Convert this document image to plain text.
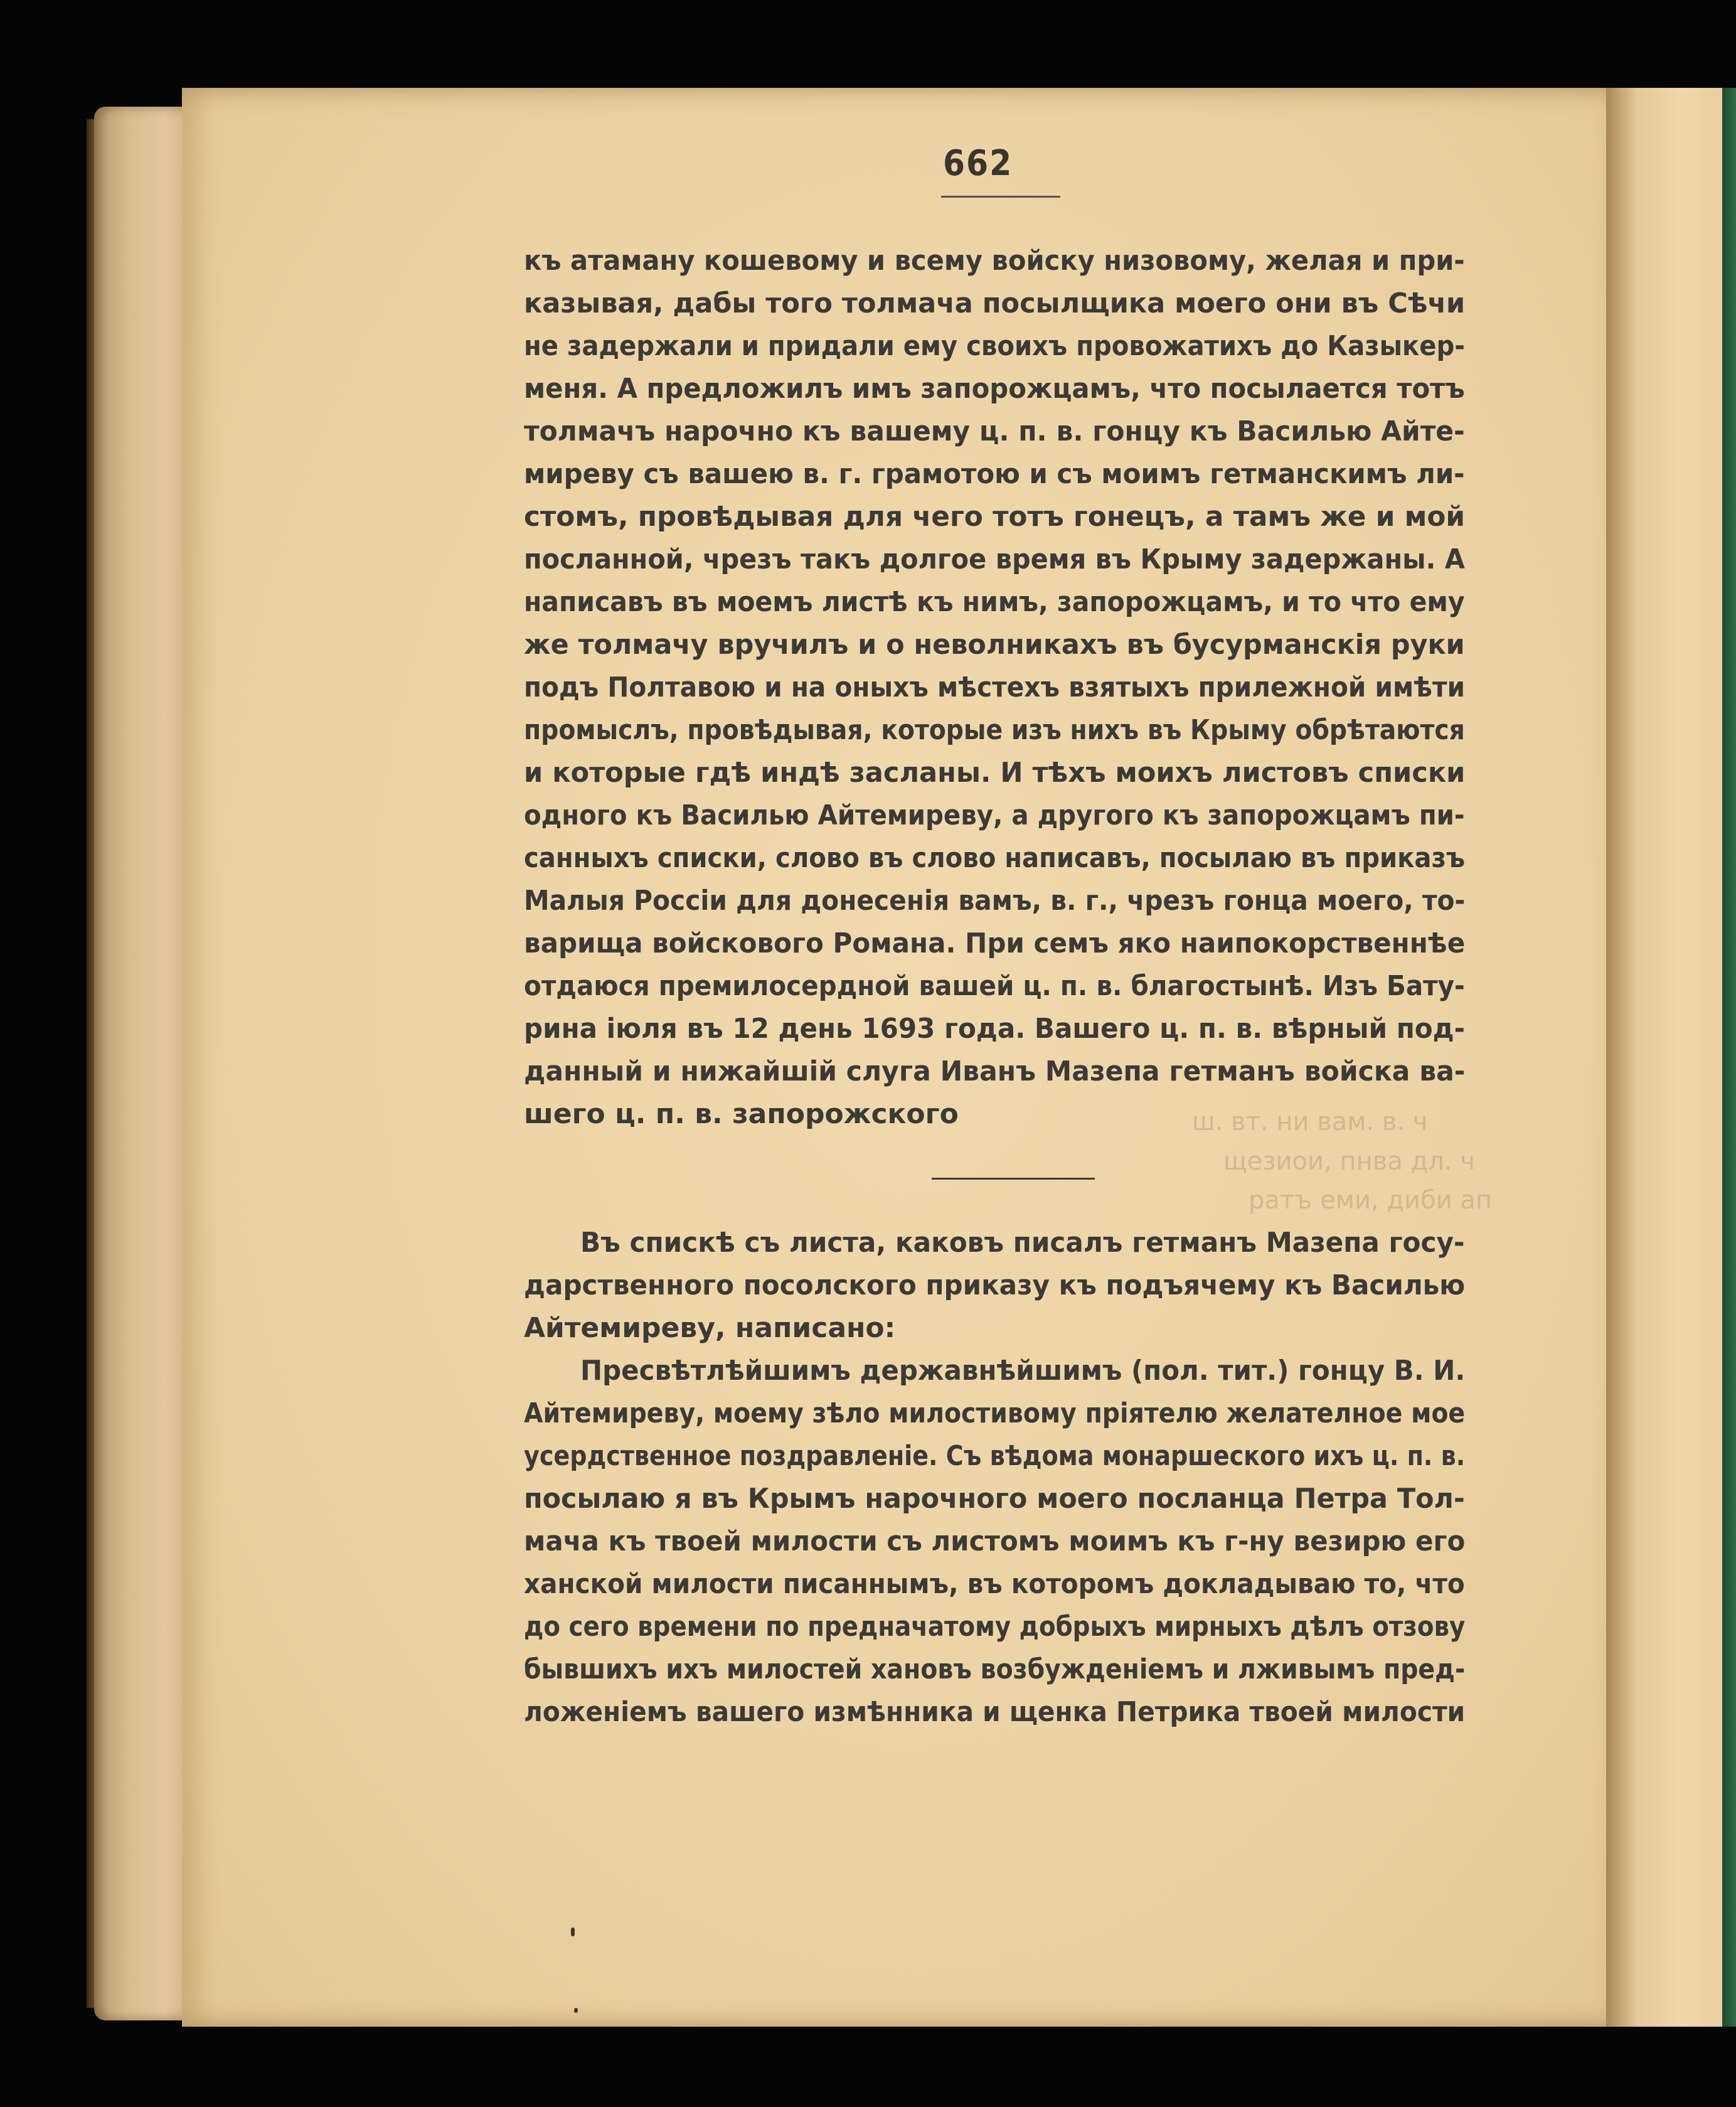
ш. вт. ни вам. в. ч
щезиои, пнва дл. ч
ратъ еми, диби ап
662
къ атаману кошевому и всему войску низовому, желая и при-
казывая, дабы того толмача посылщика моего они въ Сѣчи
не задержали и придали ему своихъ провожатихъ до Казыкер-
меня. А предложилъ имъ запорожцамъ, что посылается тотъ
толмачъ нарочно къ вашему ц. п. в. гонцу къ Василью Айте-
миреву съ вашею в. г. грамотою и съ моимъ гетманскимъ ли-
стомъ, провѣдывая для чего тотъ гонецъ, а тамъ же и мой
посланной, чрезъ такъ долгое время въ Крыму задержаны. А
написавъ въ моемъ листѣ къ нимъ, запорожцамъ, и то что ему
же толмачу вручилъ и о неволникахъ въ бусурманскія руки
подъ Полтавою и на оныхъ мѣстехъ взятыхъ прилежной имѣти
промыслъ, провѣдывая, которые изъ нихъ въ Крыму обрѣтаются
и которые гдѣ индѣ засланы. И тѣхъ моихъ листовъ списки
одного къ Василью Айтемиреву, а другого къ запорожцамъ пи-
санныхъ списки, слово въ слово написавъ, посылаю въ приказъ
Малыя Россіи для донесенія вамъ, в. г., чрезъ гонца моего, то-
варища войскового Романа. При семъ яко наипокорственнѣе
отдаюся премилосердной вашей ц. п. в. благостынѣ. Изъ Бату-
рина іюля въ 12 день 1693 года. Вашего ц. п. в. вѣрный под-
данный и нижайшій слуга Иванъ Мазепа гетманъ войска ва-
шего ц. п. в. запорожского
Въ спискѣ съ листа, каковъ писалъ гетманъ Мазепа госу-
дарственного посолского приказу къ подъячему къ Василью
Айтемиреву, написано:
Пресвѣтлѣйшимъ державнѣйшимъ (пол. тит.) гонцу В. И.
Айтемиреву, моему зѣло милостивому пріятелю желателное мое
усердственное поздравленіе. Съ вѣдома монаршеского ихъ ц. п. в.
посылаю я въ Крымъ нарочного моего посланца Петра Тол-
мача къ твоей милости съ листомъ моимъ къ г-ну везирю его
ханской милости писаннымъ, въ которомъ докладываю то, что
до сего времени по предначатому добрыхъ мирныхъ дѣлъ отзову
бывшихъ ихъ милостей хановъ возбужденіемъ и лживымъ пред-
ложеніемъ вашего измѣнника и щенка Петрика твоей милости
